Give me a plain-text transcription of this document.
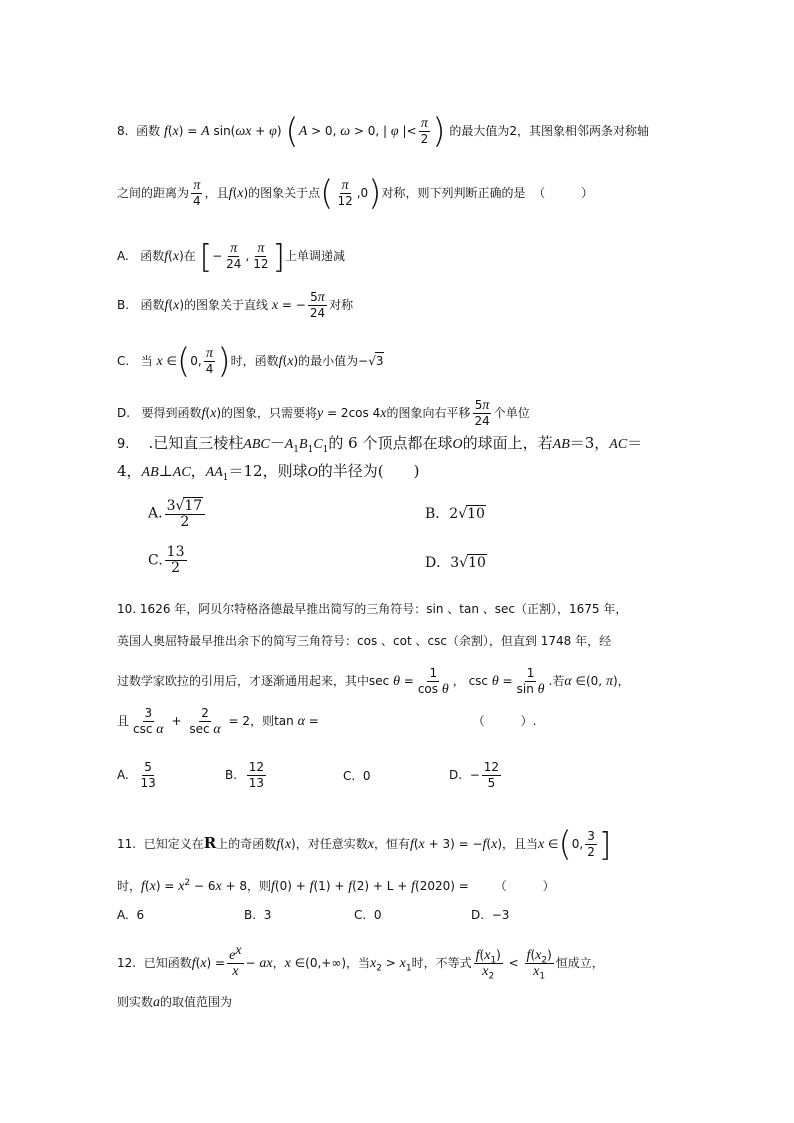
8. 函数 f(x) = A sin(ωx + φ) (A > 0, ω > 0, | φ |< $\frac{\pi}{2}$ ) 的最大值为2，其图象相邻两条对称轴
之间的距离为 $\frac{\pi}{4}$ ，且f(x)的图象关于点( $\frac{\pi}{12} ,0$)对称，则下列判断正确的是 （　　　）
A. 函数f(x)在 [− $\frac{\pi}{24}$ , $\frac{\pi}{12}$ ]上单调递减
B. 函数f(x)的图象关于直线 x = − $\frac{5\pi}{24}$ 对称
C. 当 x ∈(0, $\frac{\pi}{4}$ )时，函数f(x)的最小值为−√3
D. 要得到函数f(x)的图象，只需要将y = 2cos 4x的图象向右平移 $\frac{5\pi}{24}$ 个单位
9. .已知直三棱柱$ABC-A_1B_1C_1$的 6 个顶点都在球O的球面上，若AB＝3，AC＝
4，AB⊥AC，$AA_1=12$，则球O的半径为(　　)
A. $\frac{3√17}{2}$	B．2√10
C. $\frac{13}{2}$	D．3√10
10. 1626 年，阿贝尔特格洛德最早推出简写的三角符号：sin 、tan 、sec（正割），1675 年，
英国人奥屈特最早推出余下的简写三角符号：cos 、cot 、csc（余割），但直到 1748 年，经
过数学家欧拉的引用后，才逐渐通用起来，其中$\sec \theta = \frac{1}{\text{cos θ}}$ ， $\csc \theta = \frac{1}{\text{sin θ}}$ .若α ∈(0, π)，
且 $\frac{3}{\text{csc α}} + \frac{2}{\text{sec α}} = 2$，则tan α =	（　　　）.
A. $\frac{5}{13}$	B. $\frac{12}{13}$	C. 0	D. − $\frac{12}{5}$
11. 已知定义在R上的奇函数f(x)，对任意实数x，恒有f(x + 3) = −f(x)，且当x ∈(0, $\frac{3}{2}$ ]
时，$f(x) = x^2 - 6x + 8$，则f(0) + f(1) + f(2) + L + f(2020) = （　　　）
A. 6	B. 3	C. 0	D. −3
12. 已知函数$f(x) = \frac{e^x}{x}$ − ax，x ∈(0,+∞)，当$x_2 > x_1$时，不等式 $\frac{f(x_1)}{x_2} < \frac{f(x_2)}{x_1}$ 恒成立，
则实数a的取值范围为
